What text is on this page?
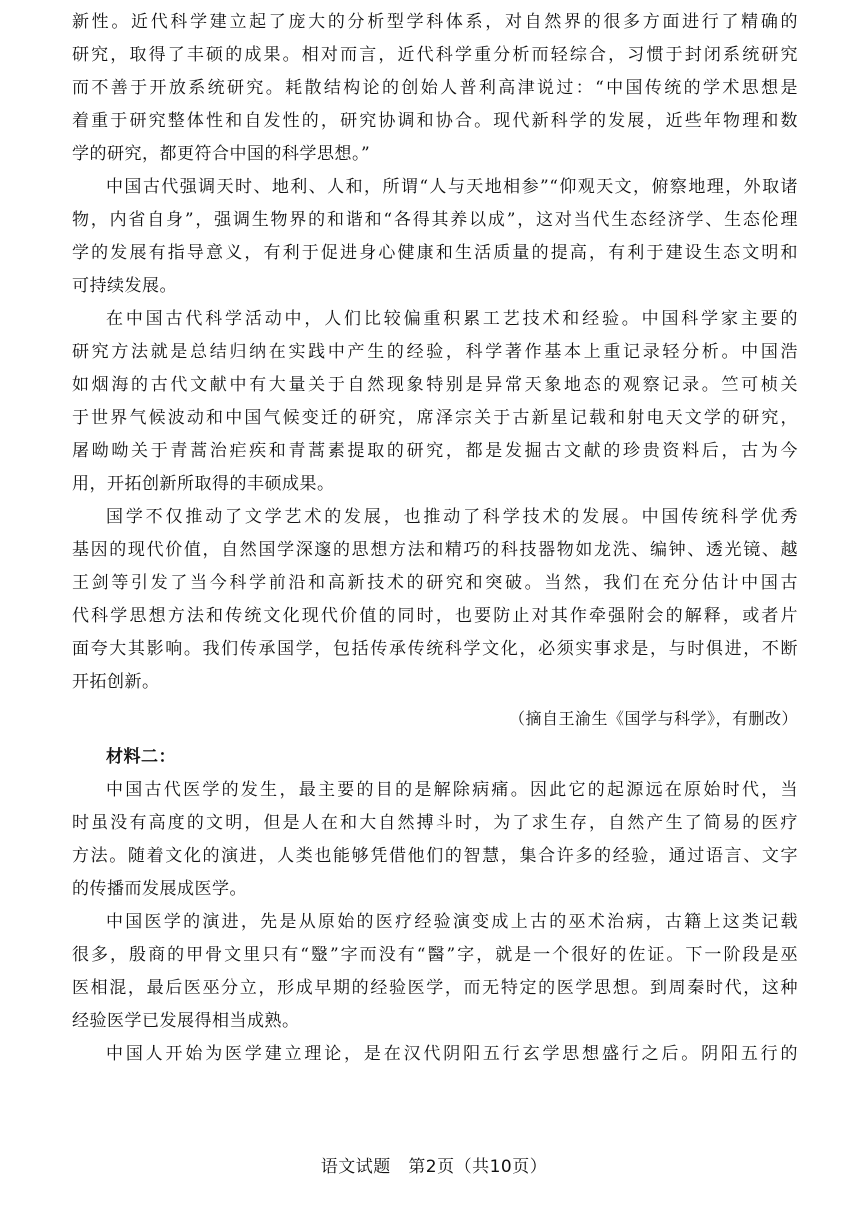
新性。近代科学建立起了庞大的分析型学科体系，对自然界的很多方面进行了精确的
研究，取得了丰硕的成果。相对而言，近代科学重分析而轻综合，习惯于封闭系统研究
而不善于开放系统研究。耗散结构论的创始人普利高津说过：“中国传统的学术思想是
着重于研究整体性和自发性的，研究协调和协合。现代新科学的发展，近些年物理和数
学的研究，都更符合中国的科学思想。”
中国古代强调天时、地利、人和，所谓“人与天地相参”“仰观天文，俯察地理，外取诸
物，内省自身”，强调生物界的和谐和“各得其养以成”，这对当代生态经济学、生态伦理
学的发展有指导意义，有利于促进身心健康和生活质量的提高，有利于建设生态文明和
可持续发展。
在中国古代科学活动中，人们比较偏重积累工艺技术和经验。中国科学家主要的
研究方法就是总结归纳在实践中产生的经验，科学著作基本上重记录轻分析。中国浩
如烟海的古代文献中有大量关于自然现象特别是异常天象地态的观察记录。竺可桢关
于世界气候波动和中国气候变迁的研究，席泽宗关于古新星记载和射电天文学的研究，
屠呦呦关于青蒿治疟疾和青蒿素提取的研究，都是发掘古文献的珍贵资料后，古为今
用，开拓创新所取得的丰硕成果。
国学不仅推动了文学艺术的发展，也推动了科学技术的发展。中国传统科学优秀
基因的现代价值，自然国学深邃的思想方法和精巧的科技器物如龙洗、编钟、透光镜、越
王剑等引发了当今科学前沿和高新技术的研究和突破。当然，我们在充分估计中国古
代科学思想方法和传统文化现代价值的同时，也要防止对其作牵强附会的解释，或者片
面夸大其影响。我们传承国学，包括传承传统科学文化，必须实事求是，与时俱进，不断
开拓创新。
（摘自王渝生《国学与科学》，有删改）
材料二：
中国古代医学的发生，最主要的目的是解除病痛。因此它的起源远在原始时代，当
时虽没有高度的文明，但是人在和大自然搏斗时，为了求生存，自然产生了简易的医疗
方法。随着文化的演进，人类也能够凭借他们的智慧，集合许多的经验，通过语言、文字
的传播而发展成医学。
中国医学的演进，先是从原始的医疗经验演变成上古的巫术治病，古籍上这类记载
很多，殷商的甲骨文里只有“毉”字而没有“醫”字，就是一个很好的佐证。下一阶段是巫
医相混，最后医巫分立，形成早期的经验医学，而无特定的医学思想。到周秦时代，这种
经验医学已发展得相当成熟。
中国人开始为医学建立理论，是在汉代阴阳五行玄学思想盛行之后。阴阳五行的
语文试题　第2页（共10页）
